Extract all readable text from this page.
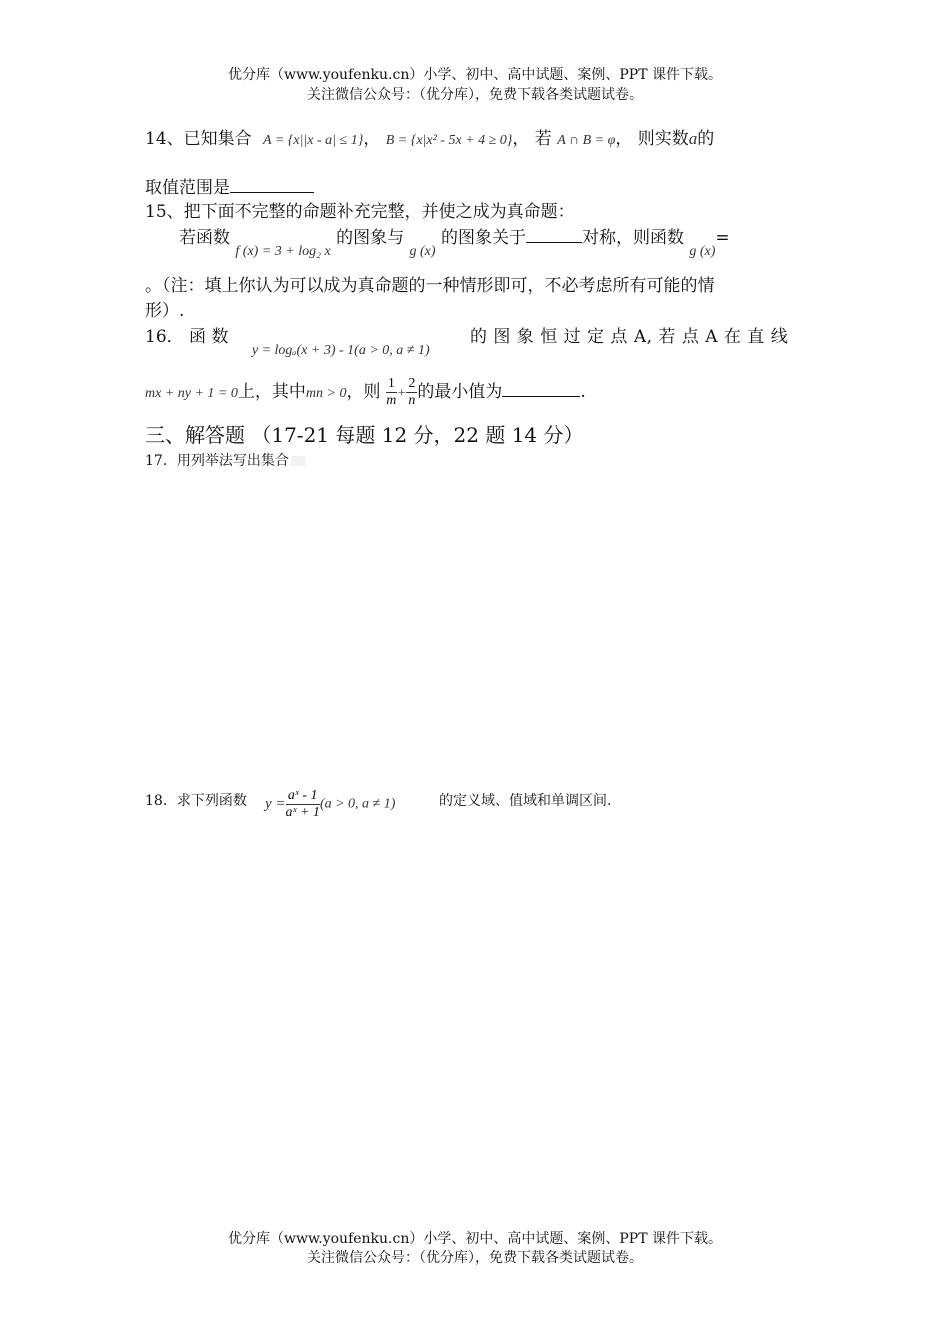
优分库（www.youfenku.cn）小学、初中、高中试题、案例、PPT 课件下载。
关注微信公众号：（优分库），免费下载各类试题试卷。
14、已知集合 A = {x||x - a| ≤ 1}， B = {x|x² - 5x + 4 ≥ 0}， 若 A ∩ B = φ， 则实数a的
取值范围是
15、把下面不完整的命题补充完整，并使之成为真命题：
若函数 $_{f (x) = 3 + log_2 x}$ 的图象与 $_{g (x)}$ 的图象关于	对称，则函数 $_{g (x)}$=
。（注：填上你认为可以成为真命题的一种情形即可，不必考虑所有可能的情
形）.
16． 函 数 $_{y = log_a(x + 3) - 1(a > 0, a \ne 1)}$
的 图 象 恒 过 定 点 A, 若 点 A 在 直 线
mx + ny + 1 = 0上，其中mn > 0，则 $\frac{1}{m} + \frac{2}{n}$ 的最小值为	.
三、解答题 （17-21 每题 12 分，22 题 14 分）
17．用列举法写出集合
18．求下列函数 $y = \frac{\text{aˣ - 1}}{\text{aˣ + 1}} (a > 0$, a ≠ 1)	的定义域、值域和单调区间.
优分库（www.youfenku.cn）小学、初中、高中试题、案例、PPT 课件下载。
关注微信公众号：（优分库），免费下载各类试题试卷。
